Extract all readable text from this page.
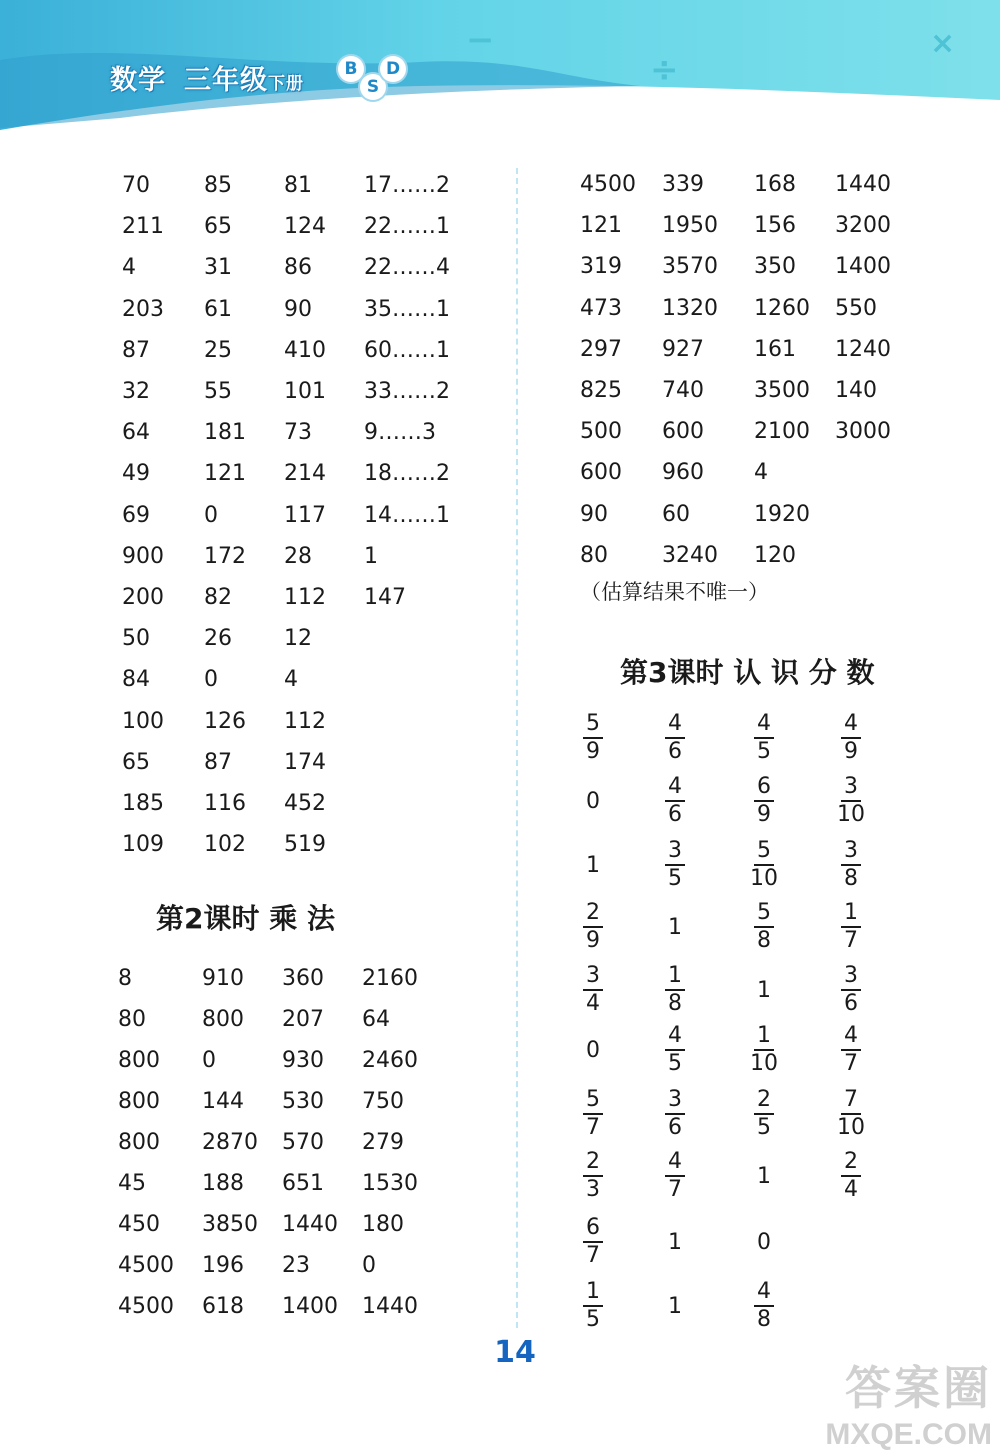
数学 三年级下册
B
S
D
−
÷
×
70 85 81 17……2
211 65 124 22……1
4	31 86 22……4
203 61 90 35……1
87 25 410 60……1
32 55 101 33……2
64 181 73 9……3
49 121 214 18……2
69 0	117 14……1
900 172 28 1
200 82 112 147
50 26 12
84 0	4
100 126 112
65 87 174
185 116 452
109 102 519
第2课时 乘 法
8	910 360 2160
80	800 207 64
800 0	930 2460
800 144 530 750
800 2870 570 279
45	188 651 1530
450 3850 1440 180
4500 196 23 0
4500 618 1400 1440
4500 339 168 1440
121 1950 156 3200
319 3570 350 1400
473 1320 1260 550
297 927 161 1240
825 740 3500 140
500 600 2100 3000
600 960 4
90 60	1920
80 3240 120
（估算结果不唯一）
第3课时 认 识 分 数
$\frac{5}{9}$	$\frac{4}{6}$	$\frac{4}{5}$	$\frac{4}{9}$
0	$\frac{4}{6}$	$\frac{6}{9}$	$\frac{3}{10}$
1	$\frac{3}{5}$	$\frac{5}{10}$	$\frac{3}{8}$
$\frac{2}{9}$	1	$\frac{5}{8}$	$\frac{1}{7}$
$\frac{3}{4}$	$\frac{1}{8}$	1	$\frac{3}{6}$
0	$\frac{4}{5}$	$\frac{1}{10}$	$\frac{4}{7}$
$\frac{5}{7}$	$\frac{3}{6}$	$\frac{2}{5}$	$\frac{7}{10}$
$\frac{2}{3}$	$\frac{4}{7}$	1	$\frac{2}{4}$
$\frac{6}{7}$	1	0
$\frac{1}{5}$	1	$\frac{4}{8}$
14
答案圈
MXQE.COM
